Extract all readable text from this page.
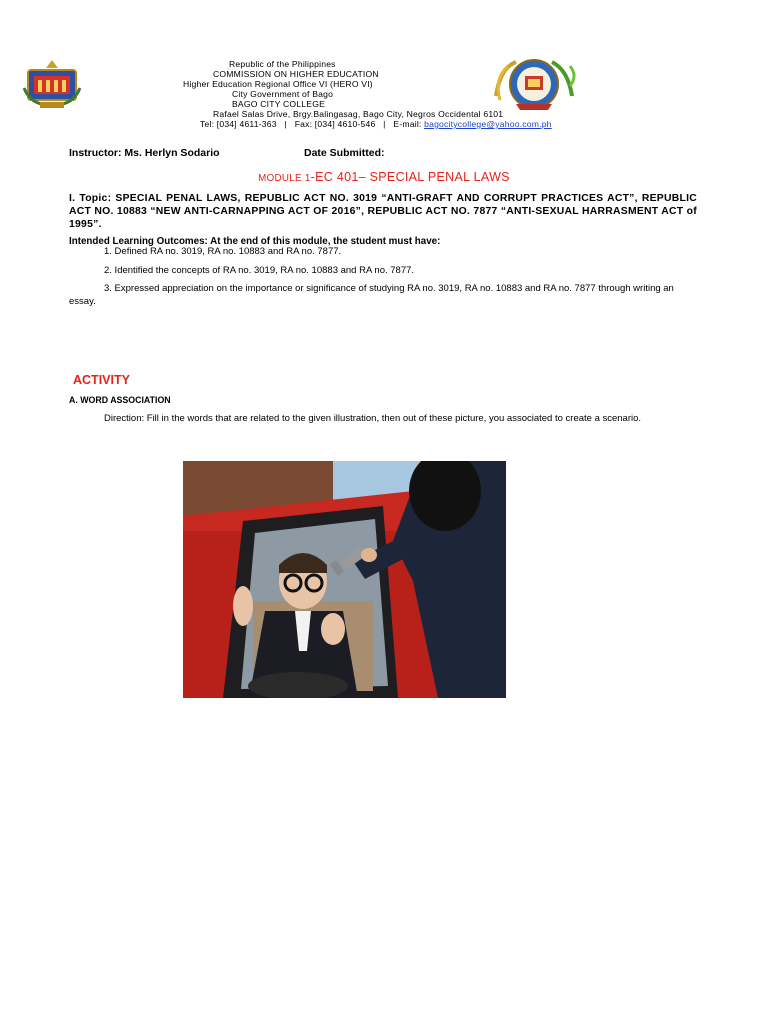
Republic of the Philippines
COMMISSION ON HIGHER EDUCATION
Higher Education Regional Office VI (HERO VI)
City Government of Bago
BAGO CITY COLLEGE
Rafael Salas Drive, Brgy.Balingasag, Bago City, Negros Occidental 6101
Tel: [034] 4611-363   |   Fax: [034] 4610-546   |   E-mail: bagocitycollege@yahoo.com.ph
Instructor: Ms. Herlyn Sodario	Date Submitted:
MODULE 1-EC 401– SPECIAL PENAL LAWS
I. Topic: SPECIAL PENAL LAWS, REPUBLIC ACT NO. 3019 “ANTI-GRAFT AND CORRUPT PRACTICES ACT”, REPUBLIC ACT NO. 10883 “NEW ANTI-CARNAPPING ACT OF 2016”, REPUBLIC ACT NO. 7877 “ANTI-SEXUAL HARRASMENT ACT of 1995”.
Intended Learning Outcomes: At the end of this module, the student must have:
1. Defined RA no. 3019, RA no. 10883 and RA no. 7877.
2. Identified the concepts of RA no. 3019, RA no. 10883 and RA no. 7877.
3. Expressed appreciation on the importance or significance of studying RA no. 3019, RA no. 10883 and RA no. 7877 through writing an essay.
ACTIVITY
A. WORD ASSOCIATION
Direction: Fill in the words that are related to the given illustration, then out of these picture, you associated to create a scenario.
